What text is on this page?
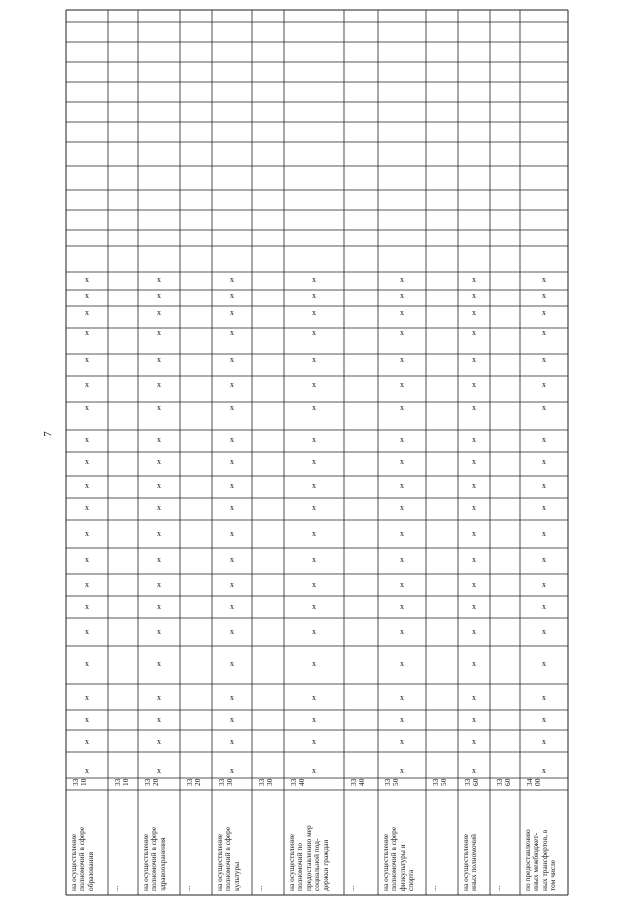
7
на осуществление
полномочий в сфере
образования
33
10
x
x
x
x
x
x
x
x
x
x
x
x
x
x
x
x
x
x
x
x
x
...
33
10
на осуществление
полномочий в сфере
здравоохранения
33
20
x
x
x
x
x
x
x
x
x
x
x
x
x
x
x
x
x
x
x
x
x
...
33
20
на осуществление
полномочий в сфере
культуры
33
30
x
x
x
x
x
x
x
x
x
x
x
x
x
x
x
x
x
x
x
x
x
...
33
30
на осуществление
полномочий по
предоставлению мер
социальной под-
держки граждан
33
40
x
x
x
x
x
x
x
x
x
x
x
x
x
x
x
x
x
x
x
x
x
...
33
40
на осуществление
полномочий в сфере
физкультуры и
спорта
33
50
x
x
x
x
x
x
x
x
x
x
x
x
x
x
x
x
x
x
x
x
x
...
33
50
на осуществление
иных полномочий
33
60
x
x
x
x
x
x
x
x
x
x
x
x
x
x
x
x
x
x
x
x
x
...
33
60
по предоставлению
иных межбюджет-
ных трансфертов, в
том числе
34
00
x
x
x
x
x
x
x
x
x
x
x
x
x
x
x
x
x
x
x
x
x
